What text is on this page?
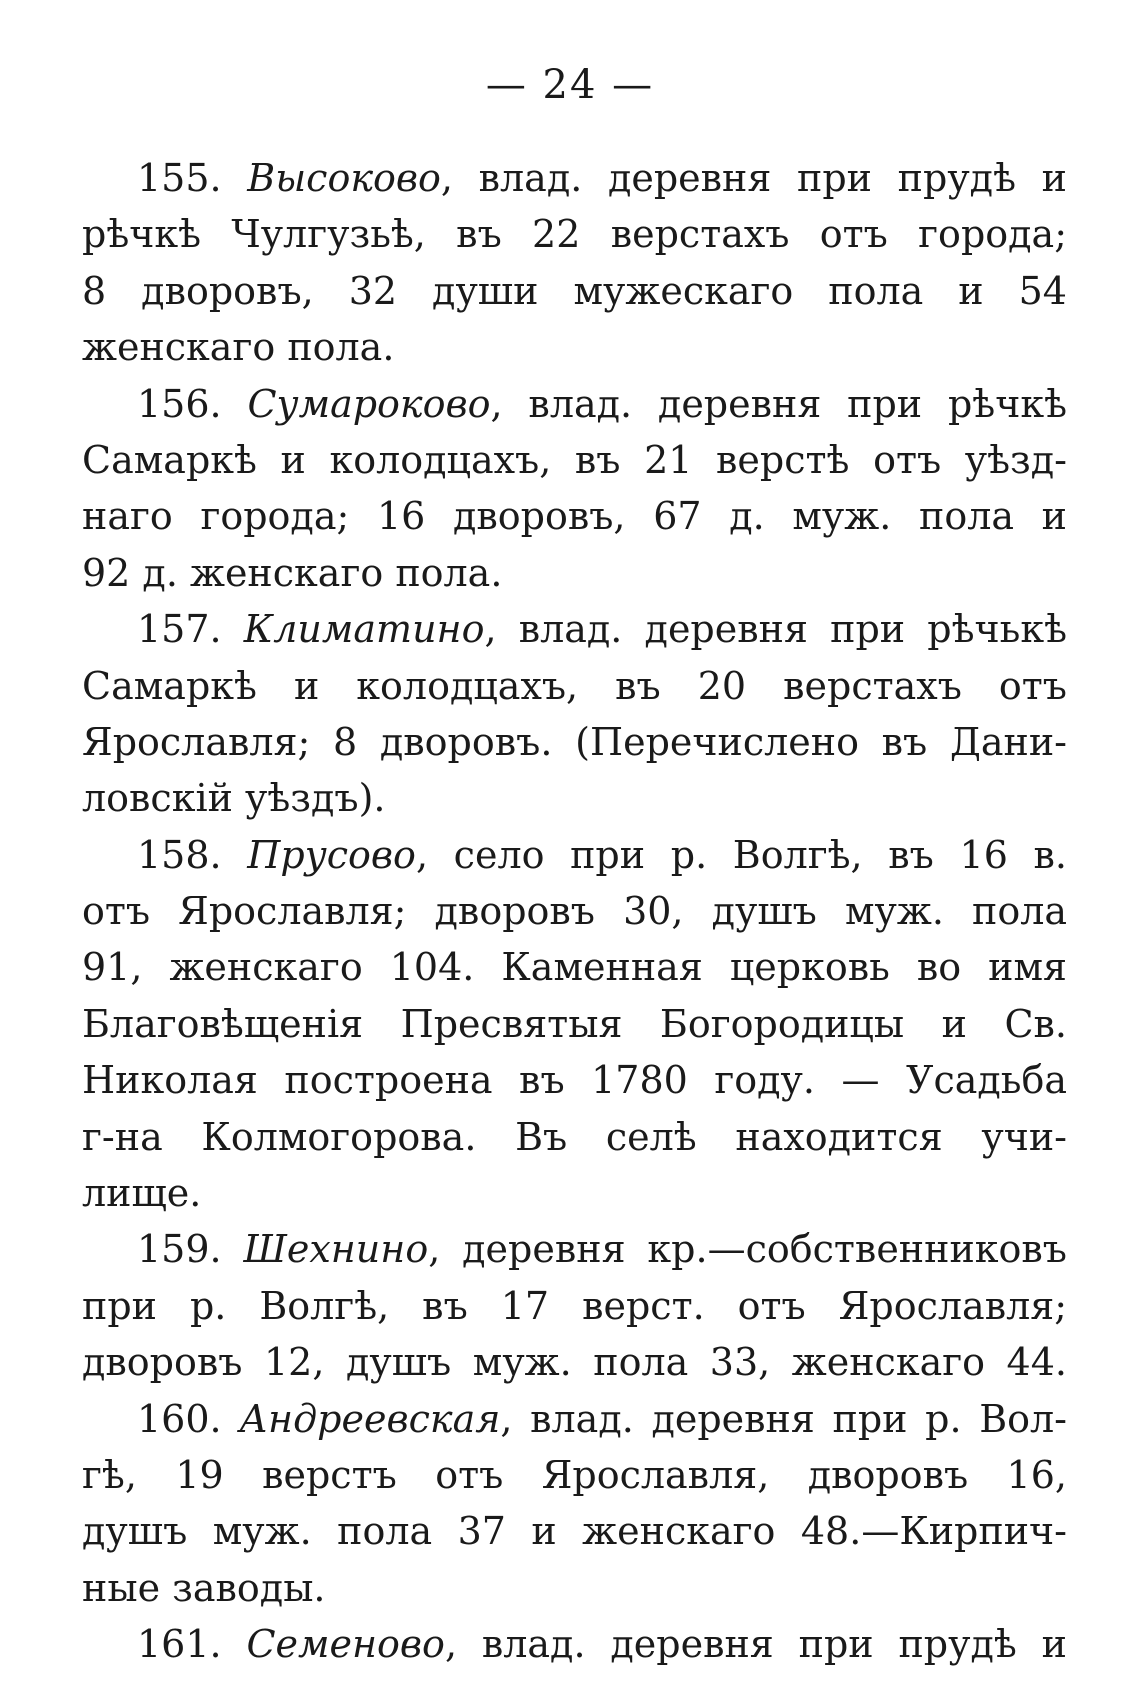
— 24 —
155. Высоково, влад. деревня при прудѣ и
рѣчкѣ Чулгузьѣ, въ 22 верстахъ отъ города;
8 дворовъ, 32 души мужескаго пола и 54
женскаго пола.
156. Сумароково, влад. деревня при рѣчкѣ
Самаркѣ и колодцахъ, въ 21 верстѣ отъ уѣзд-
наго города; 16 дворовъ, 67 д. муж. пола и
92 д. женскаго пола.
157. Климатино, влад. деревня при рѣчькѣ
Самаркѣ и колодцахъ, въ 20 верстахъ отъ
Ярославля; 8 дворовъ. (Перечислено въ Дани-
ловскій уѣздъ).
158. Прусово, село при р. Волгѣ, въ 16 в.
отъ Ярославля; дворовъ 30, душъ муж. пола
91, женскаго 104. Каменная церковь во имя
Благовѣщенія Пресвятыя Богородицы и Св.
Николая построена въ 1780 году. — Усадьба
г-на Колмогорова. Въ селѣ находится учи-
лище.
159. Шехнино, деревня кр.—собственниковъ
при р. Волгѣ, въ 17 верст. отъ Ярославля;
дворовъ 12, душъ муж. пола 33, женскаго 44.
160. Андреевская, влад. деревня при р. Вол-
гѣ, 19 верстъ отъ Ярославля, дворовъ 16,
душъ муж. пола 37 и женскаго 48.—Кирпич-
ные заводы.
161. Семеново, влад. деревня при прудѣ и
